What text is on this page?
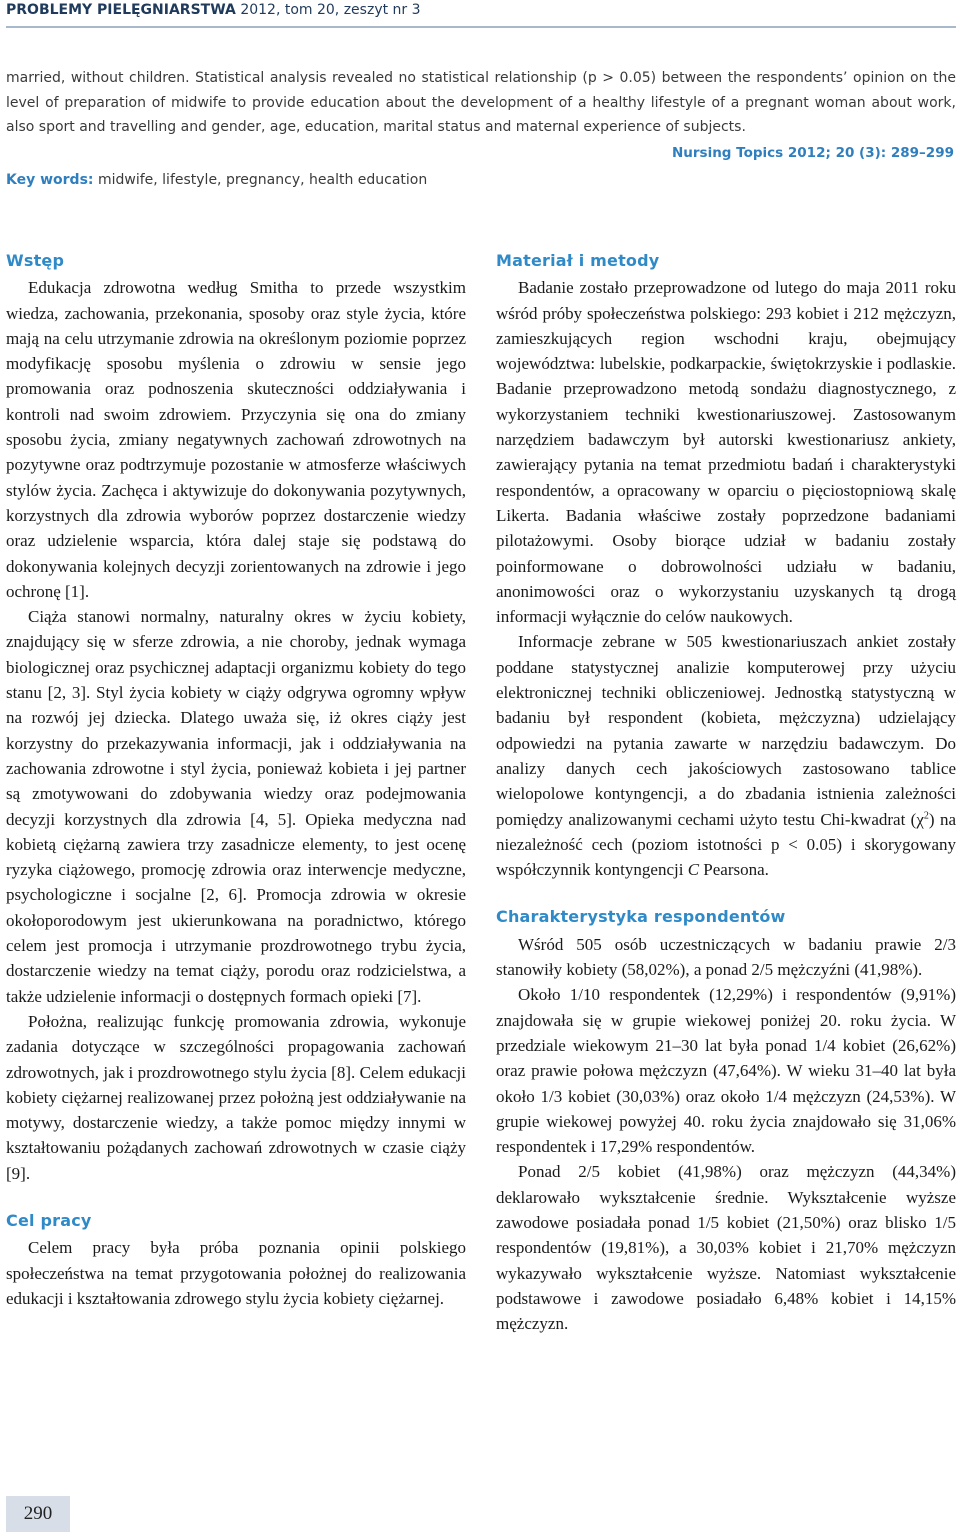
PROBLEMY PIELĘGNIARSTWA 2012, tom 20, zeszyt nr 3
married, without children. Statistical analysis revealed no statistical relationship (p > 0.05) between the respondents’ opinion on the level of preparation of midwife to provide education about the development of a healthy lifestyle of a pregnant woman about work, also sport and travelling and gender, age, education, marital status and maternal experience of subjects.
Nursing Topics 2012; 20 (3): 289–299
Key words: midwife, lifestyle, pregnancy, health education
Wstęp

Edukacja zdrowotna według Smitha to przede wszystkim wiedza, zachowania, przekonania, sposoby oraz style życia, które mają na celu utrzymanie zdrowia na określonym poziomie poprzez modyfikację sposobu myślenia o zdrowiu w sensie jego promowania oraz podnoszenia skuteczności oddziaływania i kontroli nad swoim zdrowiem. Przyczynia się ona do zmiany sposobu życia, zmiany negatywnych zachowań zdrowotnych na pozytywne oraz podtrzymuje pozostanie w atmosferze właściwych stylów życia. Zachęca i aktywizuje do dokonywania pozytywnych, korzystnych dla zdrowia wyborów poprzez dostarczenie wiedzy oraz udzielenie wsparcia, która dalej staje się podstawą do dokonywania kolejnych decyzji zorientowanych na zdrowie i jego ochronę [1].

Ciąża stanowi normalny, naturalny okres w życiu kobiety, znajdujący się w sferze zdrowia, a nie choroby, jednak wymaga biologicznej oraz psychicznej adaptacji organizmu kobiety do tego stanu [2, 3]. Styl życia kobiety w ciąży odgrywa ogromny wpływ na rozwój jej dziecka. Dlatego uważa się, iż okres ciąży jest korzystny do przekazywania informacji, jak i oddziaływania na zachowania zdrowotne i styl życia, ponieważ kobieta i jej partner są zmotywowani do zdobywania wiedzy oraz podejmowania decyzji korzystnych dla zdrowia [4, 5]. Opieka medyczna nad kobietą ciężarną zawiera trzy zasadnicze elementy, to jest ocenę ryzyka ciążowego, promocję zdrowia oraz interwencje medyczne, psychologiczne i socjalne [2, 6]. Promocja zdrowia w okresie okołoporodowym jest ukierunkowana na poradnictwo, którego celem jest promocja i utrzymanie prozdrowotnego trybu życia, dostarczenie wiedzy na temat ciąży, porodu oraz rodzicielstwa, a także udzielenie informacji o dostępnych formach opieki [7].

Położna, realizując funkcję promowania zdrowia, wykonuje zadania dotyczące w szczególności propagowania zachowań zdrowotnych, jak i prozdrowotnego stylu życia [8]. Celem edukacji kobiety ciężarnej realizowanej przez położną jest oddziaływanie na motywy, dostarczenie wiedzy, a także pomoc między innymi w kształtowaniu pożądanych zachowań zdrowotnych w czasie ciąży [9].

Cel pracy

Celem pracy była próba poznania opinii polskiego społeczeństwa na temat przygotowania położnej do realizowania edukacji i kształtowania zdrowego stylu życia kobiety ciężarnej.

Materiał i metody

Badanie zostało przeprowadzone od lutego do maja 2011 roku wśród próby społeczeństwa polskiego: 293 kobiet i 212 mężczyzn, zamieszkujących region wschodni kraju, obejmujący województwa: lubelskie, podkarpackie, świętokrzyskie i podlaskie. Badanie przeprowadzono metodą sondażu diagnostycznego, z wykorzystaniem techniki kwestionariuszowej. Zastosowanym narzędziem badawczym był autorski kwestionariusz ankiety, zawierający pytania na temat przedmiotu badań i charakterystyki respondentów, a opracowany w oparciu o pięciostopniową skalę Likerta. Badania właściwe zostały poprzedzone badaniami pilotażowymi. Osoby biorące udział w badaniu zostały poinformowane o dobrowolności udziału w badaniu, anonimowości oraz o wykorzystaniu uzyskanych tą drogą informacji wyłącznie do celów naukowych.

Informacje zebrane w 505 kwestionariuszach ankiet zostały poddane statystycznej analizie komputerowej przy użyciu elektronicznej techniki obliczeniowej. Jednostką statystyczną w badaniu był respondent (kobieta, mężczyzna) udzielający odpowiedzi na pytania zawarte w narzędziu badawczym. Do analizy danych cech jakościowych zastosowano tablice wielopolowe kontyngencji, a do zbadania istnienia zależności pomiędzy analizowanymi cechami użyto testu Chi-kwadrat $(\chi^2)$ na niezależność cech (poziom istotności p < 0.05) i skorygowany współczynnik kontyngencji C Pearsona.

Charakterystyka respondentów

Wśród 505 osób uczestniczących w badaniu prawie 2/3 stanowiły kobiety (58,02%), a ponad 2/5 mężczyźni (41,98%).

Około 1/10 respondentek (12,29%) i respondentów (9,91%) znajdowała się w grupie wiekowej poniżej 20. roku życia. W przedziale wiekowym 21–30 lat była ponad 1/4 kobiet (26,62%) oraz prawie połowa mężczyzn (47,64%). W wieku 31–40 lat była około 1/3 kobiet (30,03%) oraz około 1/4 mężczyzn (24,53%). W grupie wiekowej powyżej 40. roku życia znajdowało się 31,06% respondentek i 17,29% respondentów.

Ponad 2/5 kobiet (41,98%) oraz mężczyzn (44,34%) deklarowało wykształcenie średnie. Wykształcenie wyższe zawodowe posiadała ponad 1/5 kobiet (21,50%) oraz blisko 1/5 respondentów (19,81%), a 30,03% kobiet i 21,70% mężczyzn wykazywało wykształcenie wyższe. Natomiast wykształcenie podstawowe i zawodowe posiadało 6,48% kobiet i 14,15% mężczyzn.

290
